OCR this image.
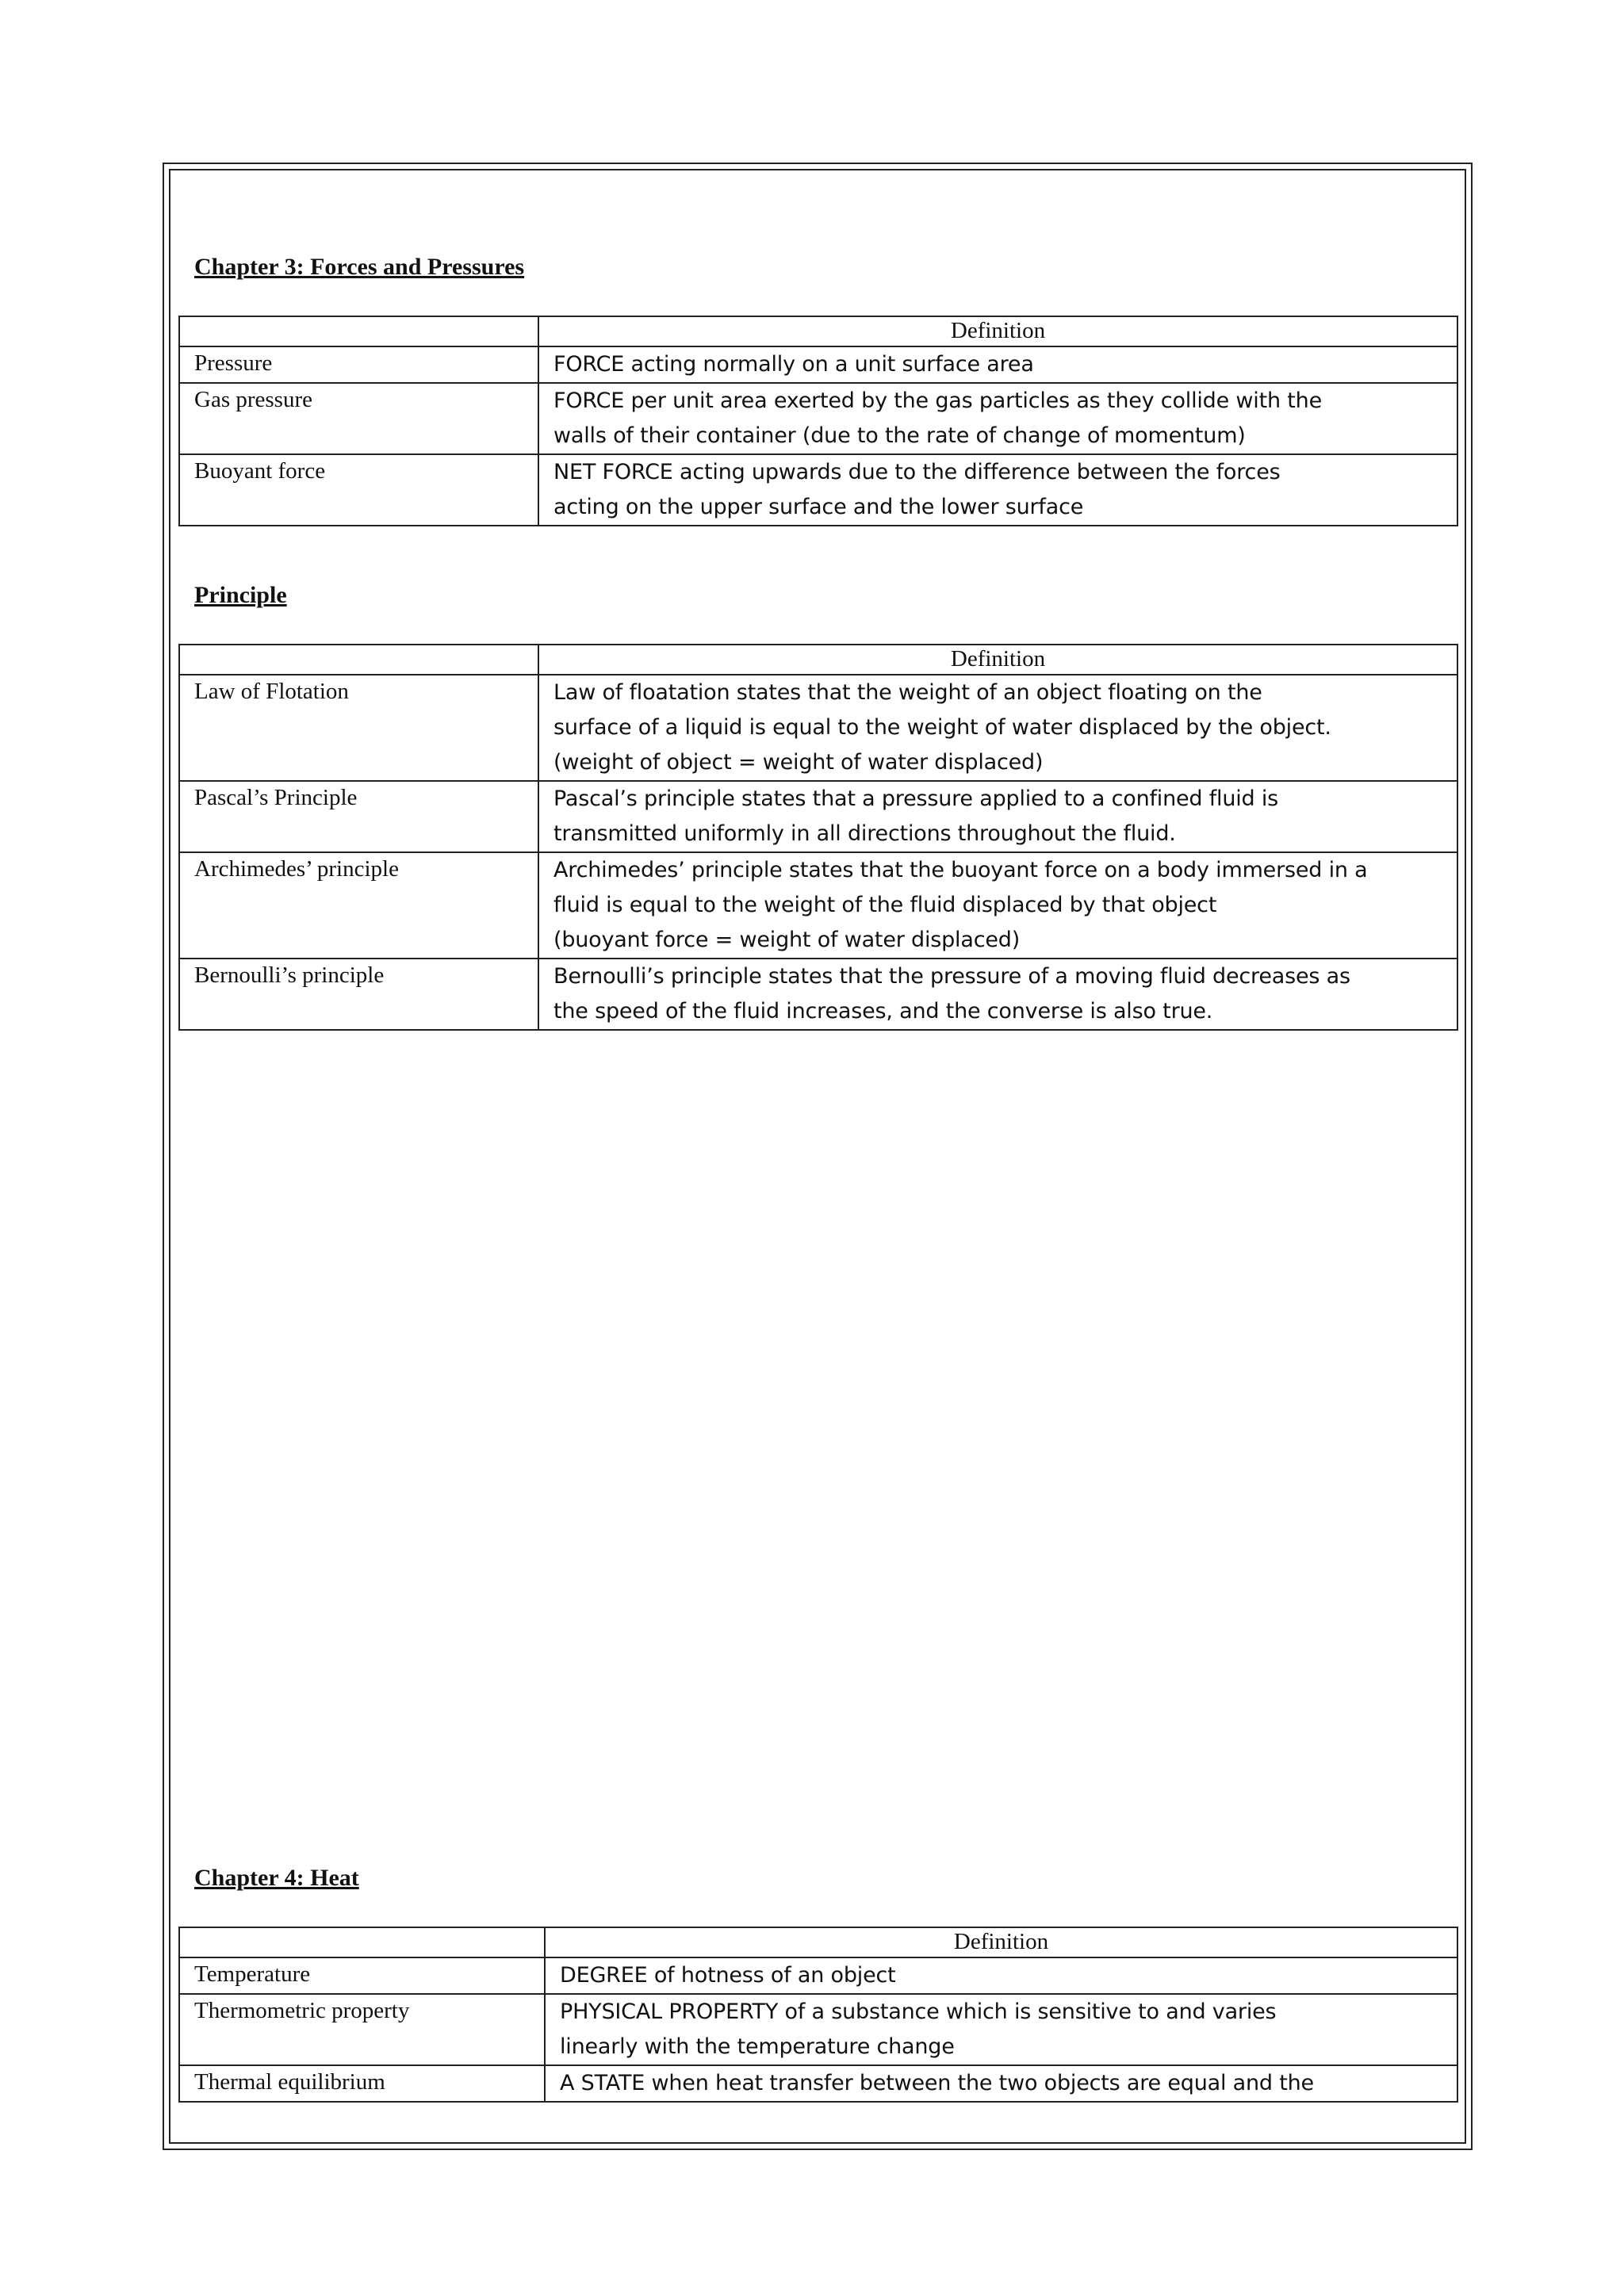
Chapter 3: Forces and Pressures
	Definition
Pressure	FORCE acting normally on a unit surface area

Gas pressure	FORCE per unit area exerted by the gas particles as they collide with the
walls of their container (due to the rate of change of momentum)

Buoyant force	NET FORCE acting upwards due to the difference between the forces
acting on the upper surface and the lower surface
Principle
	Definition
Law of Flotation	Law of floatation states that the weight of an object floating on the
surface of a liquid is equal to the weight of water displaced by the object.
(weight of object = weight of water displaced)

Pascal’s Principle	Pascal’s principle states that a pressure applied to a confined fluid is
transmitted uniformly in all directions throughout the fluid.

Archimedes’ principle	Archimedes’ principle states that the buoyant force on a body immersed in a
fluid is equal to the weight of the fluid displaced by that object
(buoyant force = weight of water displaced)

Bernoulli’s principle	Bernoulli’s principle states that the pressure of a moving fluid decreases as
the speed of the fluid increases, and the converse is also true.
Chapter 4: Heat
	Definition
Temperature	DEGREE of hotness of an object

Thermometric property	PHYSICAL PROPERTY of a substance which is sensitive to and varies
linearly with the temperature change

Thermal equilibrium	A STATE when heat transfer between the two objects are equal and the
